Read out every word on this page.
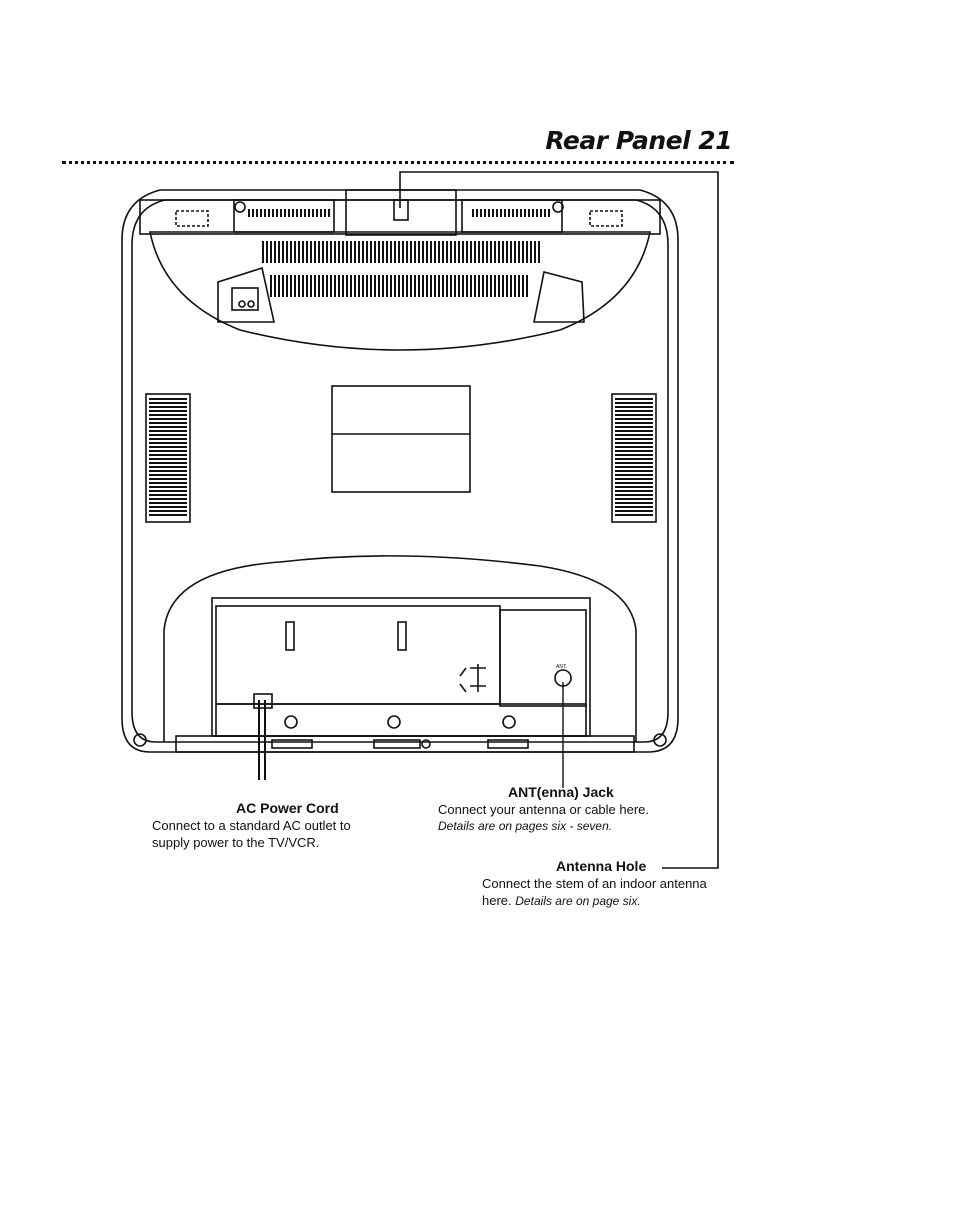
Rear Panel 21
ANT.
ANT(enna) Jack
Connect your antenna or cable here.
Details are on pages six - seven.
AC Power Cord
Connect to a standard AC outlet to
supply power to the TV/VCR.
Antenna Hole
Connect the stem of an indoor antenna
here. Details are on page six.
